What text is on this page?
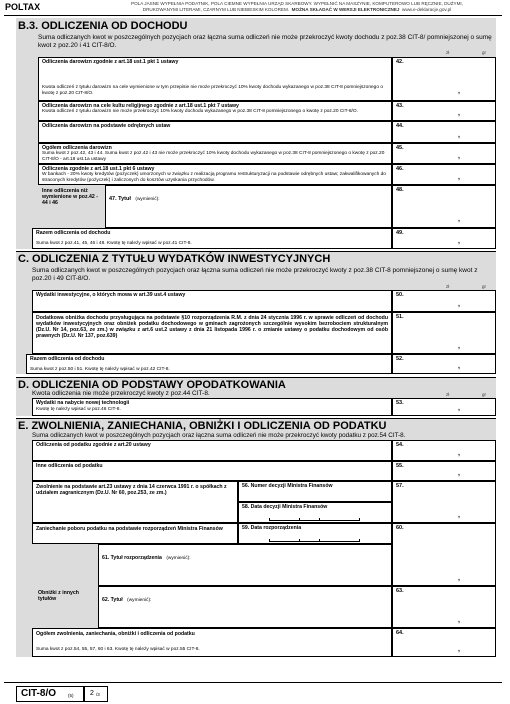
POLTAX	POLA JASNE WYPEŁNIA PODATNIK, POLA CIEMNE WYPEŁNIA URZĄD SKARBOWY. WYPEŁNIĆ NA MASZYNIE, KOMPUTEROWO LUB RĘCZNIE, DUŻYMI,
DRUKOWANYMI LITERAMI, CZARNYM LUB NIEBIESKIM KOLOREM. MOŻNA SKŁADAĆ W WERSJI ELEKTRONICZNEJ www.e-deklaracje.gov.pl
B.3. ODLICZENIA OD DOCHODU
Suma odliczanych kwot w poszczególnych pozycjach oraz łączna suma odliczeń nie może przekroczyć kwoty dochodu z poz.38 CIT-8/ pomniejszonej o sumę kwot z poz.20 i 41 CIT-8/O.
zł	gr
Odliczenia darowizn zgodnie z art.18 ust.1 pkt 1 ustawy
Kwota odliczeń z tytułu darowizn na cele wymienione w tym przepisie nie może przekroczyć 10% kwoty dochodu wykazanego w poz.38 CIT-8 pomniejszonego o kwotę z poz.20 CIT-8/O.
42.
,
Odliczenia darowizn na cele kultu religijnego zgodnie z art.18 ust.1 pkt 7 ustawy
Kwota odliczeń z tytułu darowizn nie może przekroczyć 10% kwoty dochodu wykazanego w poz.38 CIT-8 pomniejszonego o kwotę z poz.20 CIT-8/O.
43.
,
Odliczenia darowizn na podstawie odrębnych ustaw	44.
,
Ogółem odliczenia darowizn
Suma kwot z poz.42, 43 i 44. Suma kwot z poz.42 i 43 nie może przekroczyć 10% kwoty dochodu wykazanego w poz.38 CIT-8 pomniejszonego o kwotę z poz.20 CIT-8/O - art.18 ust.1a ustawy
45.
,
Odliczenia zgodnie z art.18 ust.1 pkt 6 ustawy
W bankach - 20% kwoty kredytów (pożyczek) umorzonych w związku z realizacją programu restrukturyzacji na podstawie odrębnych ustaw; zakwalifikowanych do straconych kredytów (pożyczek) i zaliczonych do kosztów uzyskania przychodów.
46.
,
Inne odliczenia niż wymienione w poz.42 - 44 i 46
47. Tytuł (wymienić):
48.
,
Razem odliczenia od dochodu
Suma kwot z poz.41, 45, 46 i 48. Kwotę tę należy wpisać w poz.41 CIT-8.
49.
,
C. ODLICZENIA Z TYTUŁU WYDATKÓW INWESTYCYJNYCH
Suma odliczanych kwot w poszczególnych pozycjach oraz łączna suma odliczeń nie może przekroczyć kwoty z poz.38 CIT-8 pomniejszonej o sumę kwot z poz.20 i 49 CIT-8/O.
zł	gr
Wydatki inwestycyjne, o których mowa w art.39 ust.4 ustawy	50.
,
Dodatkowa obniżka dochodu przysługująca na podstawie §10 rozporządzenia R.M. z dnia 24 stycznia 1996 r. w sprawie odliczeń od dochodu wydatków inwestycyjnych oraz obniżek podatku dochodowego w gminach zagrożonych szczególnie wysokim bezrobociem strukturalnym (Dz.U. Nr 14, poz.63, ze zm.) w związku z art.6 ust.2 ustawy z dnia 21 listopada 1996 r. o zmianie ustawy o podatku dochodowym od osób prawnych (Dz.U. Nr 137, poz.639)
51.
,
Razem odliczenia od dochodu
Suma kwot z poz.50 i 51. Kwotę tę należy wpisać w poz.42 CIT-8.
52.
,
D. ODLICZENIA OD PODSTAWY OPODATKOWANIA
Kwota odliczenia nie może przekroczyć kwoty z poz.44 CIT-8.	zł	gr
Wydatki na nabycie nowej technologii
Kwotę tę należy wpisać w poz.46 CIT-8.
53.
,
E. ZWOLNIENIA, ZANIECHANIA, OBNIŻKI I ODLICZENIA OD PODATKU
Suma odliczanych kwot w poszczególnych pozycjach oraz łączna suma odliczeń nie może przekroczyć kwoty podatku z poz.54 CIT-8.
Odliczenia od podatku zgodnie z art.20 ustawy	54.
,
Inne odliczenia od podatku	55.
,
Zwolnienie na podstawie art.23 ustawy z dnia 14 czerwca 1991 r. o spółkach z udziałem zagranicznym (Dz.U. Nr 60, poz.253, ze zm.)
56. Numer decyzji Ministra Finansów
58. Data decyzji Ministra Finansów
57.
,
Zaniechanie poboru podatku na podstawie rozporządzeń Ministra Finansów	59. Data rozporządzenia
61. Tytuł rozporządzenia (wymienić):
60.
,
Obniżki z innych tytułów	62. Tytuł (wymienić):
63.
,
Ogółem zwolnienia, zaniechania, obniżki i odliczenia od podatku
Suma kwot z poz.54, 55, 57, 60 i 63. Kwotę tę należy wpisać w poz.55 CIT-8.
64.
,
CIT-8/O	(5) 2 /3
